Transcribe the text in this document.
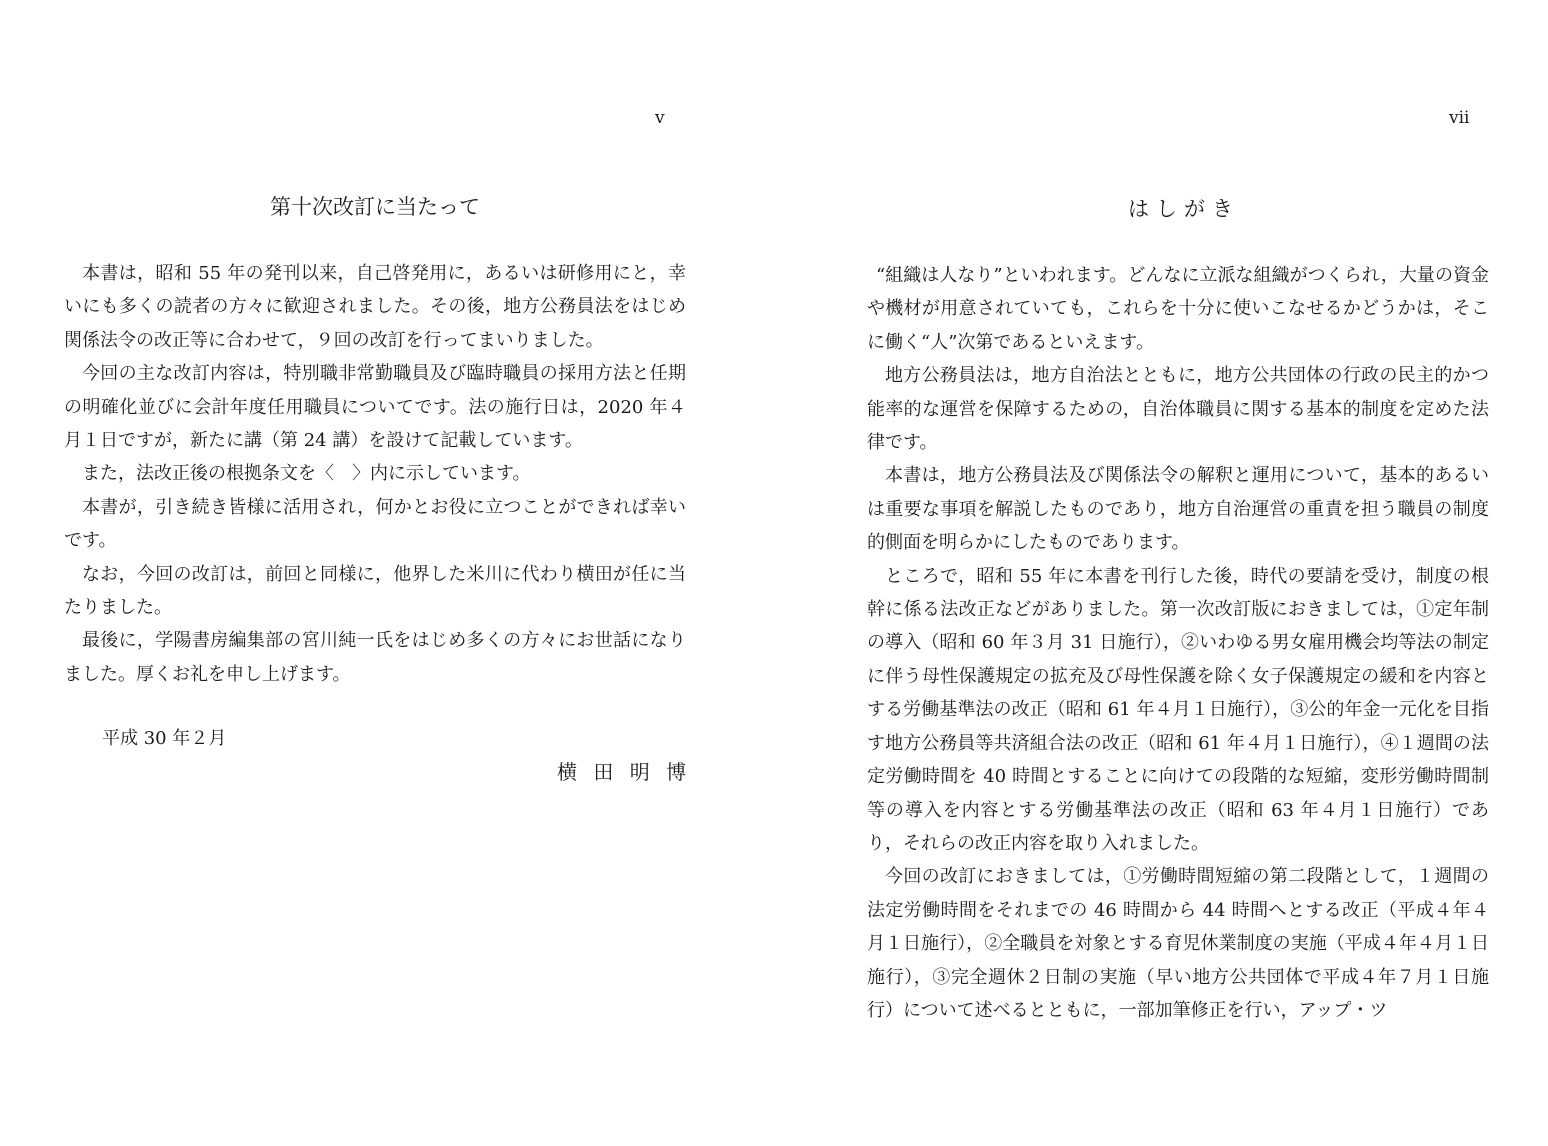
v
第十次改訂に当たって

本書は，昭和 55 年の発刊以来，自己啓発用に，あるいは研修用にと，幸いにも多くの読者の方々に歓迎されました。その後，地方公務員法をはじめ関係法令の改正等に合わせて，９回の改訂を行ってまいりました。

今回の主な改訂内容は，特別職非常勤職員及び臨時職員の採用方法と任期の明確化並びに会計年度任用職員についてです。法の施行日は，2020 年４月１日ですが，新たに講（第 24 講）を設けて記載しています。

また，法改正後の根拠条文を〈　〉内に示しています。

本書が，引き続き皆様に活用され，何かとお役に立つことができれば幸いです。

なお，今回の改訂は，前回と同様に，他界した米川に代わり横田が任に当たりました。

最後に，学陽書房編集部の宮川純一氏をはじめ多くの方々にお世話になりました。厚くお礼を申し上げます。

平成 30 年２月
横 田 明 博
vii
はしがき

“組織は人なり”といわれます。どんなに立派な組織がつくられ，大量の資金や機材が用意されていても，これらを十分に使いこなせるかどうかは，そこに働く“人”次第であるといえます。

地方公務員法は，地方自治法とともに，地方公共団体の行政の民主的かつ能率的な運営を保障するための，自治体職員に関する基本的制度を定めた法律です。

本書は，地方公務員法及び関係法令の解釈と運用について，基本的あるいは重要な事項を解説したものであり，地方自治運営の重責を担う職員の制度的側面を明らかにしたものであります。

ところで，昭和 55 年に本書を刊行した後，時代の要請を受け，制度の根幹に係る法改正などがありました。第一次改訂版におきましては，①定年制の導入（昭和 60 年３月 31 日施行），②いわゆる男女雇用機会均等法の制定に伴う母性保護規定の拡充及び母性保護を除く女子保護規定の緩和を内容とする労働基準法の改正（昭和 61 年４月１日施行），③公的年金一元化を目指す地方公務員等共済組合法の改正（昭和 61 年４月１日施行），④１週間の法定労働時間を 40 時間とすることに向けての段階的な短縮，変形労働時間制等の導入を内容とする労働基準法の改正（昭和 63 年４月１日施行）であり，それらの改正内容を取り入れました。

今回の改訂におきましては，①労働時間短縮の第二段階として，１週間の法定労働時間をそれまでの 46 時間から 44 時間へとする改正（平成４年４月１日施行），②全職員を対象とする育児休業制度の実施（平成４年４月１日施行），③完全週休２日制の実施（早い地方公共団体で平成４年７月１日施行）について述べるとともに，一部加筆修正を行い，アップ・ツ
